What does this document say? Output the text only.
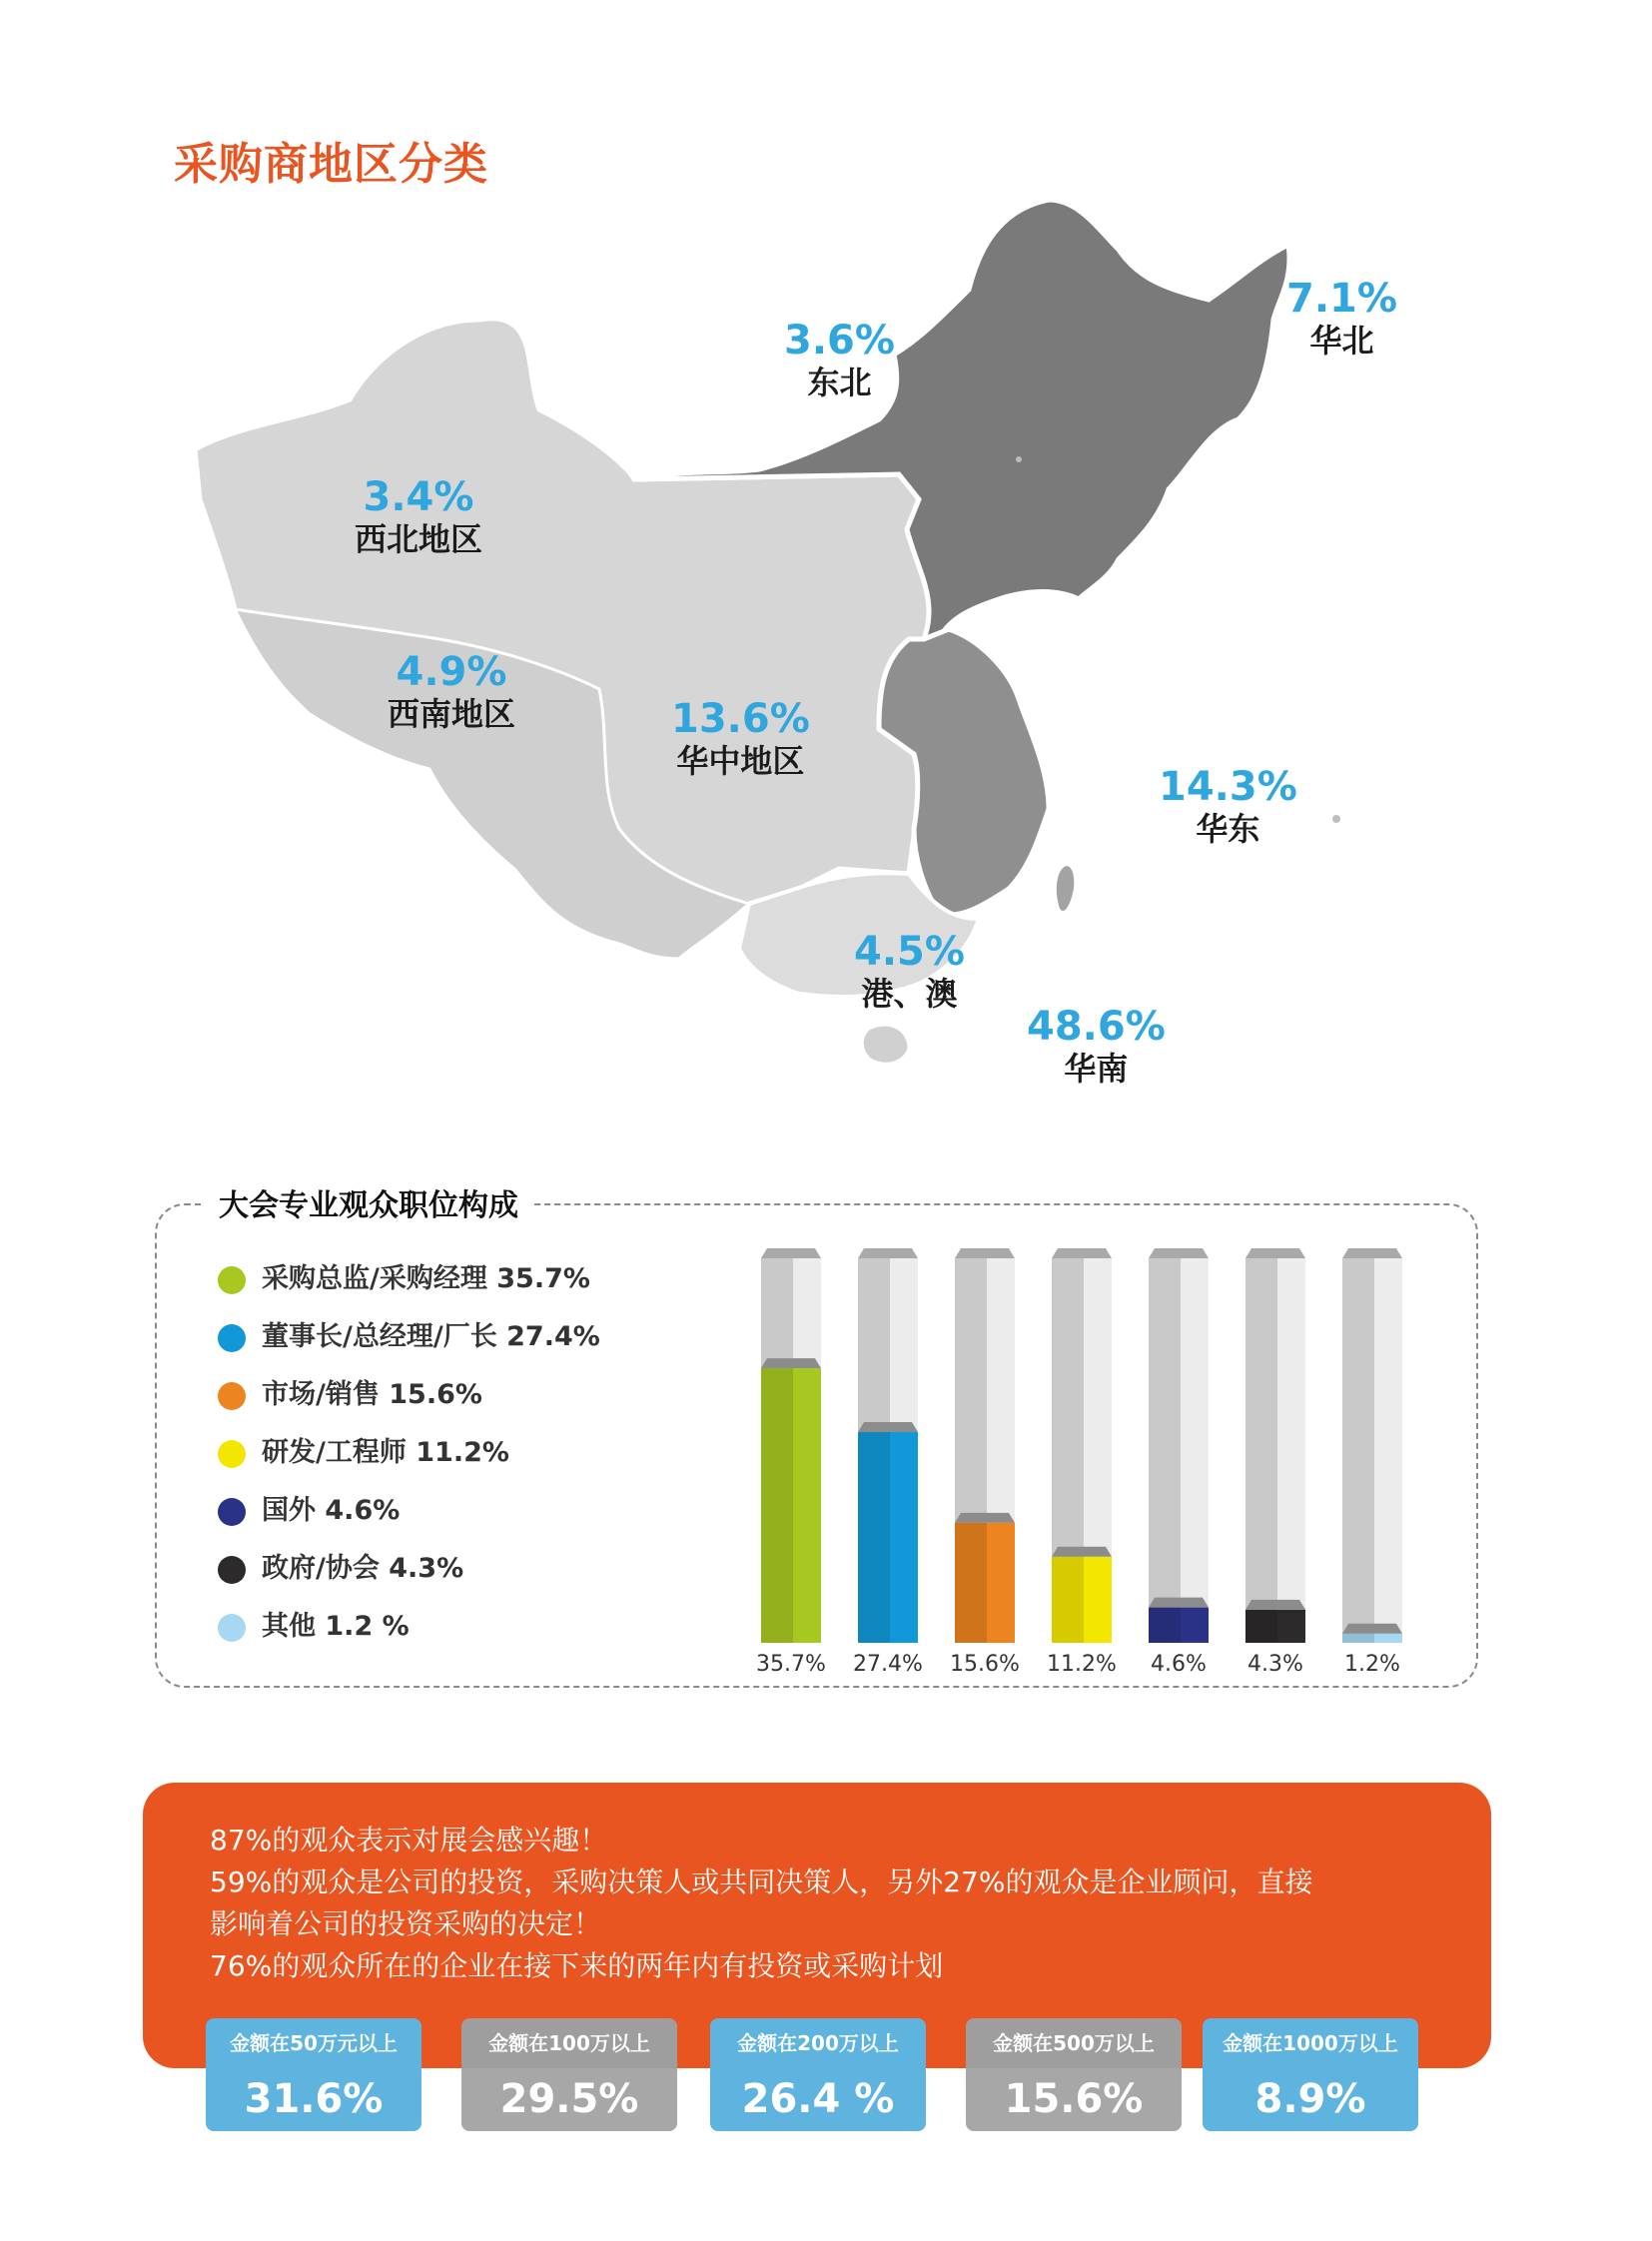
采购商地区分类
3.6%
东北
7.1%
华北
3.4%
西北地区
4.9%
西南地区	13.6%
华中地区
14.3%
华东
4.5%
港、澳
48.6%
华南
大会专业观众职位构成
采购总监/采购经理 35.7%
董事长/总经理/厂长 27.4%
市场/销售 15.6%
研发/工程师 11.2%
国外 4.6%
政府/协会 4.3%
其他 1.2 %
35.7% 27.4% 15.6% 11.2% 4.6% 4.3% 1.2%
87%的观众表示对展会感兴趣！
59%的观众是公司的投资，采购决策人或共同决策人，另外27%的观众是企业顾问，直接
影响着公司的投资采购的决定！
76%的观众所在的企业在接下来的两年内有投资或采购计划
金额在50万元以上
31.6%
金额在100万以上
29.5%
金额在200万以上
26.4 %
金额在500万以上
15.6%
金额在1000万以上
8.9%
